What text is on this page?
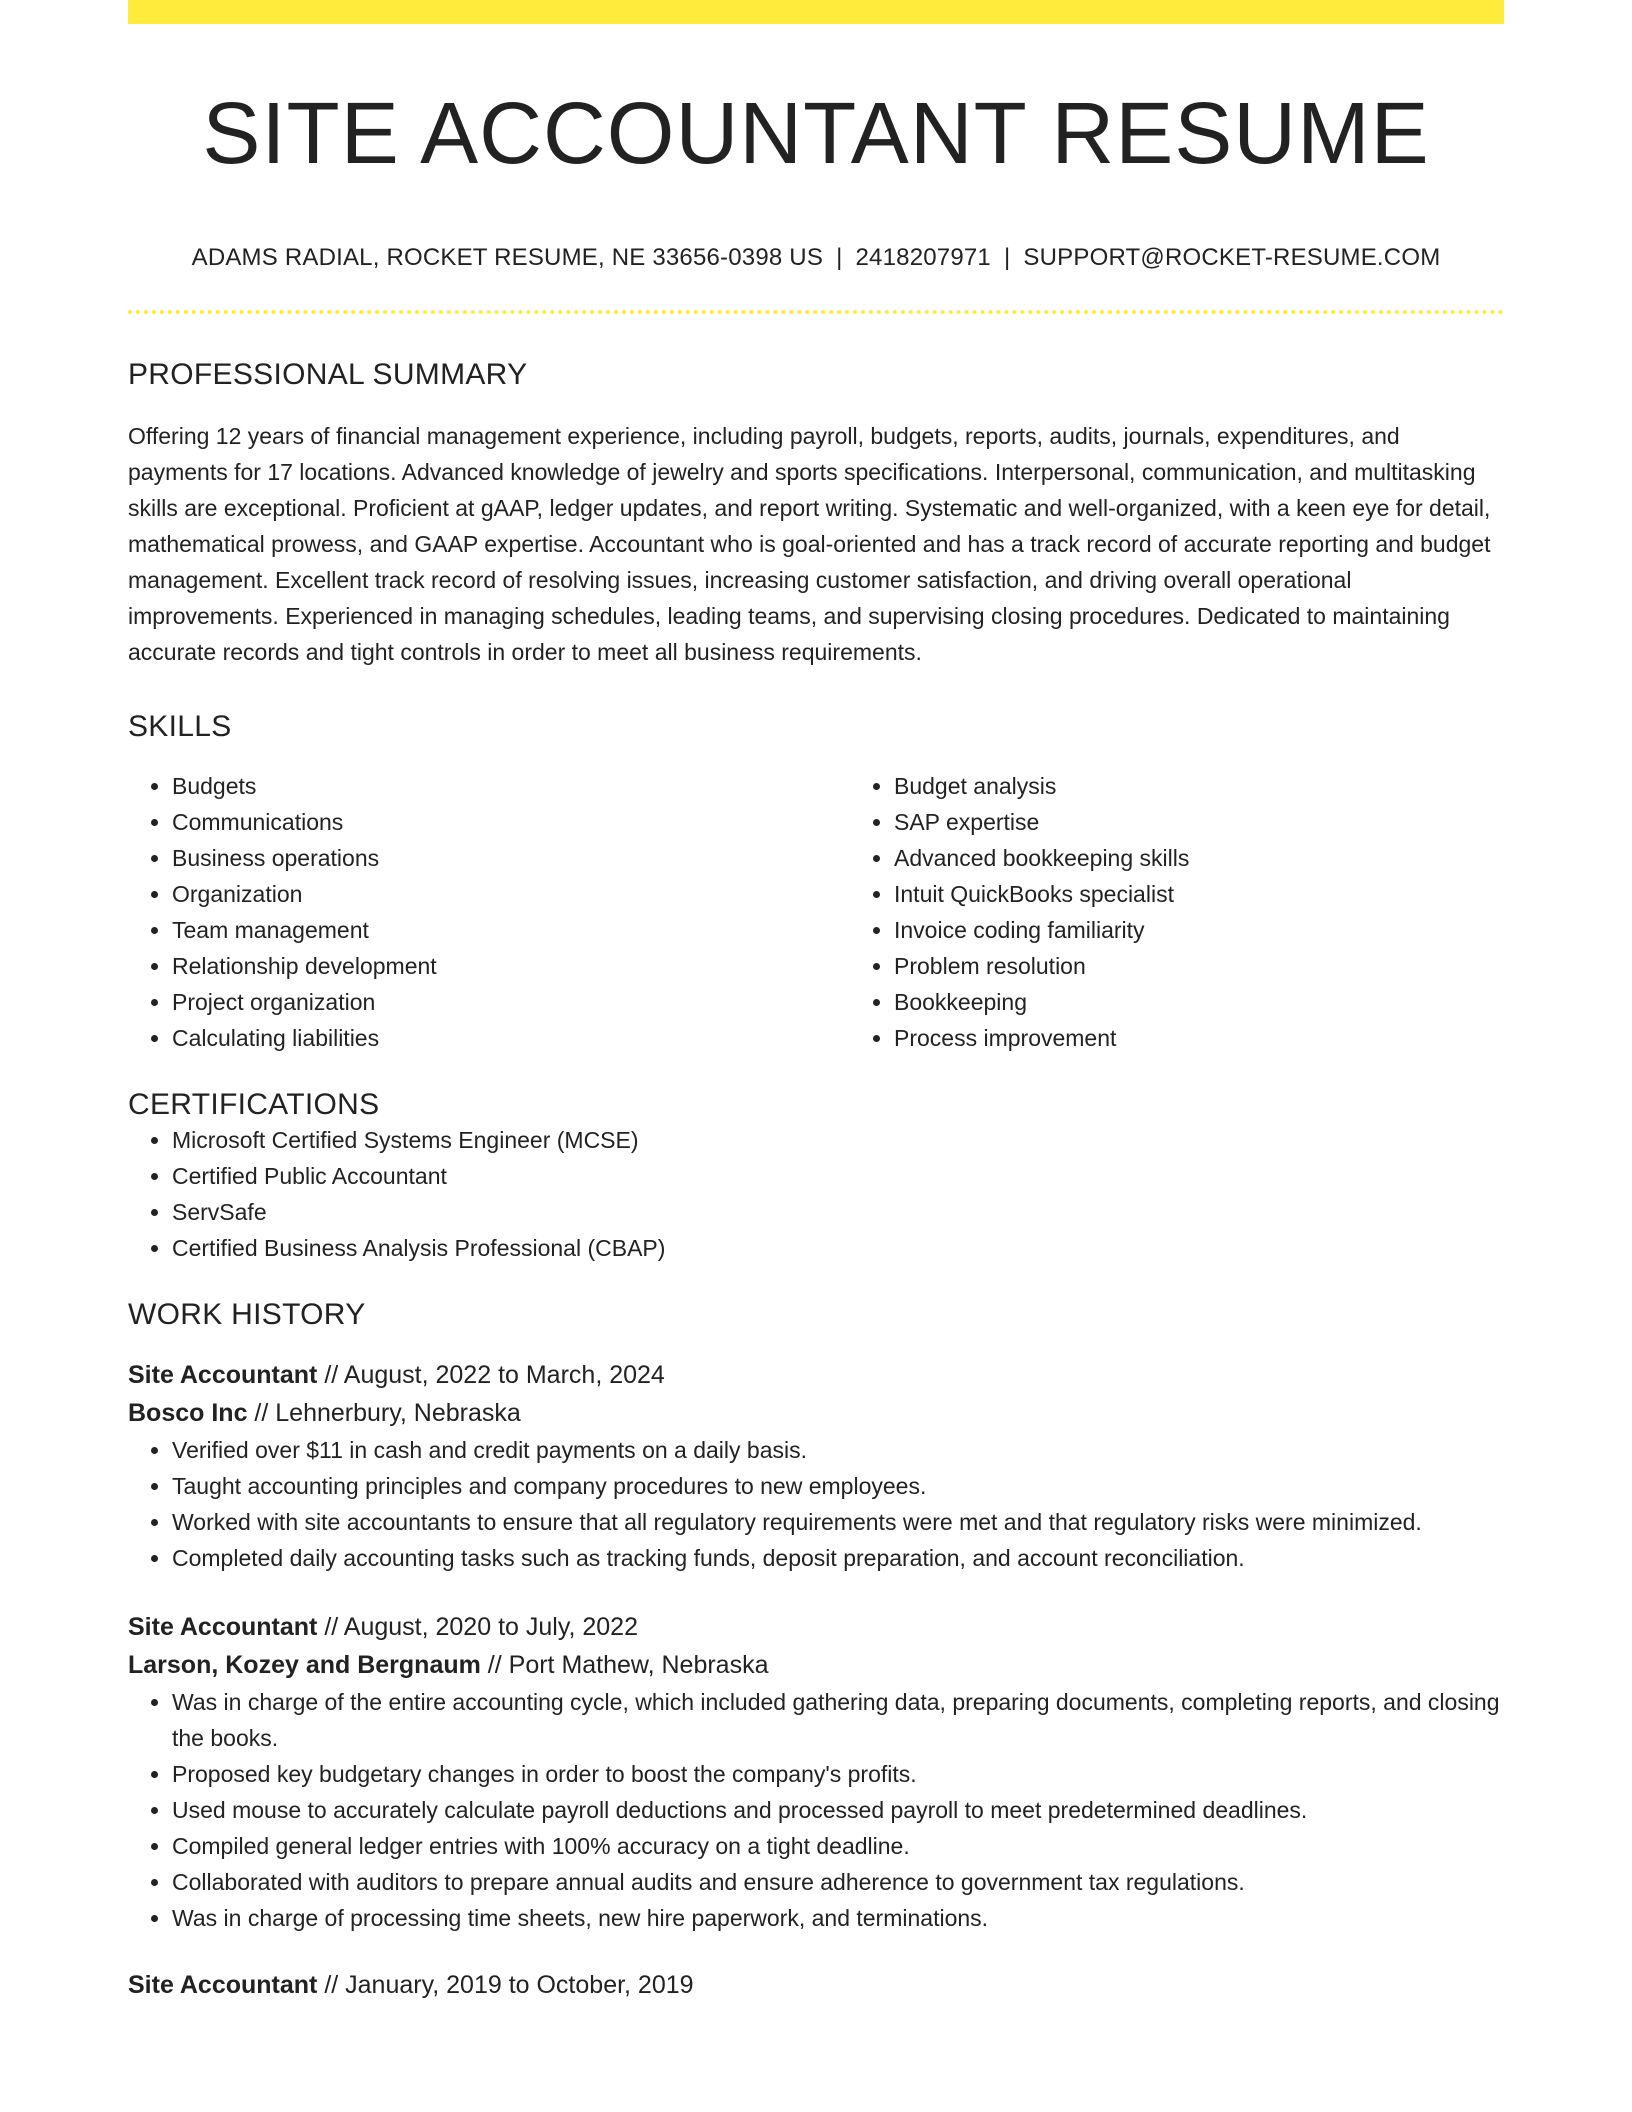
SITE ACCOUNTANT RESUME
ADAMS RADIAL, ROCKET RESUME, NE 33656-0398 US | 2418207971 | SUPPORT@ROCKET-RESUME.COM
PROFESSIONAL SUMMARY
Offering 12 years of financial management experience, including payroll, budgets, reports, audits, journals, expenditures, and payments for 17 locations. Advanced knowledge of jewelry and sports specifications. Interpersonal, communication, and multitasking skills are exceptional. Proficient at gAAP, ledger updates, and report writing. Systematic and well-organized, with a keen eye for detail, mathematical prowess, and GAAP expertise. Accountant who is goal-oriented and has a track record of accurate reporting and budget management. Excellent track record of resolving issues, increasing customer satisfaction, and driving overall operational improvements. Experienced in managing schedules, leading teams, and supervising closing procedures. Dedicated to maintaining accurate records and tight controls in order to meet all business requirements.
SKILLS
• Budgets
• Communications
• Business operations
• Organization
• Team management
• Relationship development
• Project organization
• Calculating liabilities
• Budget analysis
• SAP expertise
• Advanced bookkeeping skills
• Intuit QuickBooks specialist
• Invoice coding familiarity
• Problem resolution
• Bookkeeping
• Process improvement
CERTIFICATIONS
• Microsoft Certified Systems Engineer (MCSE)
• Certified Public Accountant
• ServSafe
• Certified Business Analysis Professional (CBAP)
WORK HISTORY
Site Accountant // August, 2022 to March, 2024
Bosco Inc // Lehnerbury, Nebraska
• Verified over $11 in cash and credit payments on a daily basis.
• Taught accounting principles and company procedures to new employees.
• Worked with site accountants to ensure that all regulatory requirements were met and that regulatory risks were minimized.
• Completed daily accounting tasks such as tracking funds, deposit preparation, and account reconciliation.
Site Accountant // August, 2020 to July, 2022
Larson, Kozey and Bergnaum // Port Mathew, Nebraska
• Was in charge of the entire accounting cycle, which included gathering data, preparing documents, completing reports, and closing the books.
• Proposed key budgetary changes in order to boost the company's profits.
• Used mouse to accurately calculate payroll deductions and processed payroll to meet predetermined deadlines.
• Compiled general ledger entries with 100% accuracy on a tight deadline.
• Collaborated with auditors to prepare annual audits and ensure adherence to government tax regulations.
• Was in charge of processing time sheets, new hire paperwork, and terminations.
Site Accountant // January, 2019 to October, 2019
